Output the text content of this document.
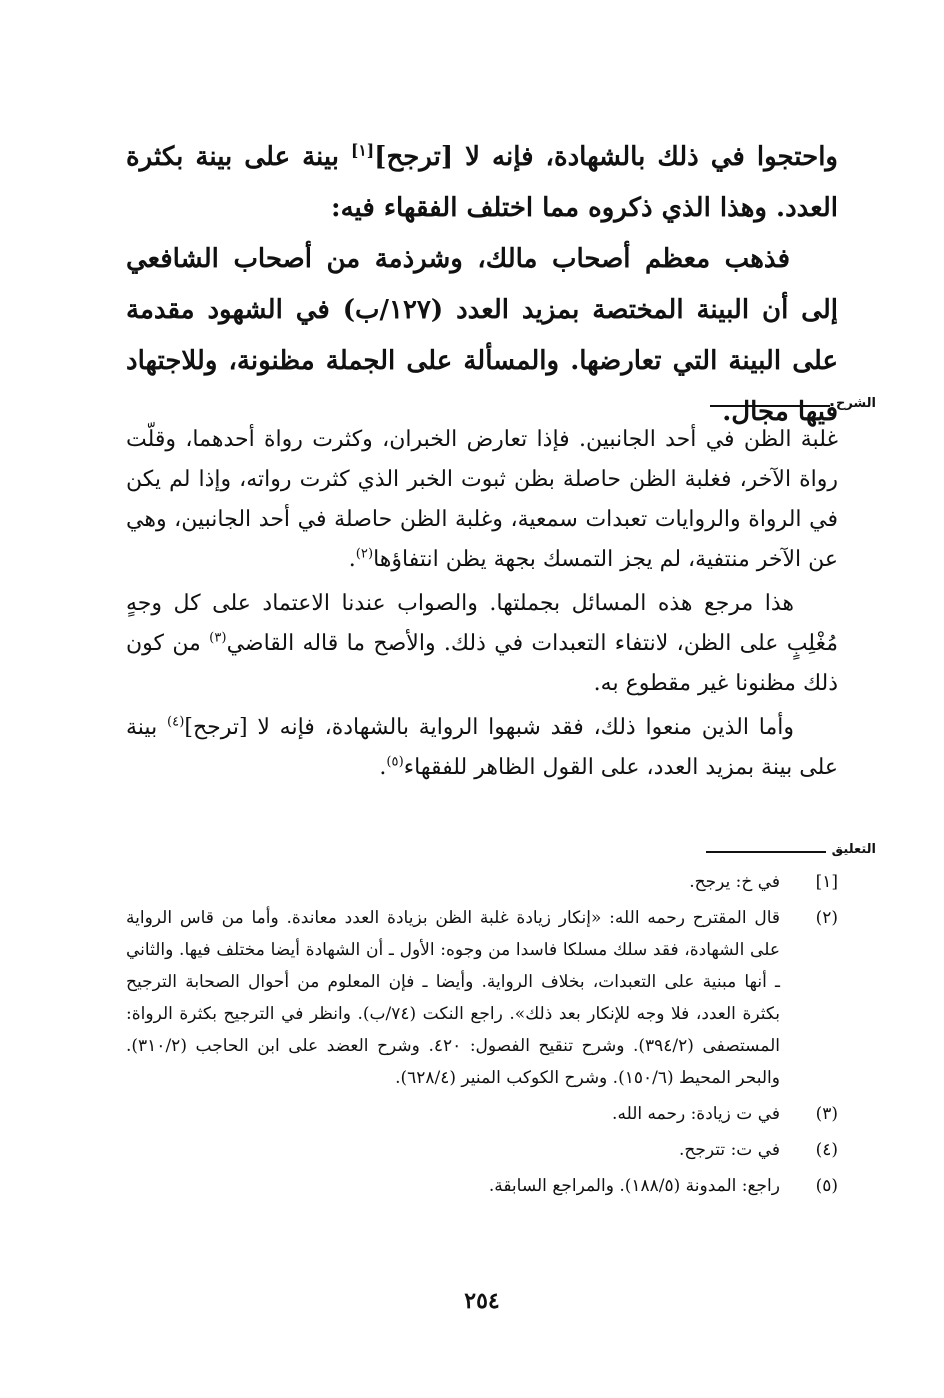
واحتجوا في ذلك بالشهادة، فإنه لا [ترجح][١] بينة على بينة بكثرة العدد. وهذا الذي ذكروه مما اختلف الفقهاء فيه:

فذهب معظم أصحاب مالك، وشرذمة من أصحاب الشافعي إلى أن البينة المختصة بمزيد العدد (١٢٧/ب) في الشهود مقدمة على البينة التي تعارضها. والمسألة على الجملة مظنونة، وللاجتهاد فيها مجال.

الشرح

غلبة الظن في أحد الجانبين. فإذا تعارض الخبران، وكثرت رواة أحدهما، وقلّت رواة الآخر، فغلبة الظن حاصلة بظن ثبوت الخبر الذي كثرت رواته، وإذا لم يكن في الرواة والروايات تعبدات سمعية، وغلبة الظن حاصلة في أحد الجانبين، وهي عن الآخر منتفية، لم يجز التمسك بجهة يظن انتفاؤها$^{(٢)}$.

هذا مرجع هذه المسائل بجملتها. والصواب عندنا الاعتماد على كل وجهٍ مُغْلِبٍ على الظن، لانتفاء التعبدات في ذلك. والأصح ما قاله القاضي$^{(٣)}$ من كون ذلك مظنونا غير مقطوع به.

وأما الذين منعوا ذلك، فقد شبهوا الرواية بالشهادة، فإنه لا [ترجح]$^{(٤)}$ بينة على بينة بمزيد العدد، على القول الظاهر للفقهاء$^{(٥)}$.

التعليق
[١]
في خ: يرجح.
(٢)
قال المقترح رحمه الله: «إنكار زيادة غلبة الظن بزيادة العدد معاندة. وأما من قاس الرواية على الشهادة، فقد سلك مسلكا فاسدا من وجوه: الأول ـ أن الشهادة أيضا مختلف فيها. والثاني ـ أنها مبنية على التعبدات، بخلاف الرواية. وأيضا ـ فإن المعلوم من أحوال الصحابة الترجيح بكثرة العدد، فلا وجه للإنكار بعد ذلك». راجع النكت (٧٤/ب). وانظر في الترجيح بكثرة الرواة: المستصفى (٣٩٤/٢). وشرح تنقيح الفصول: ٤٢٠. وشرح العضد على ابن الحاجب (٣١٠/٢). والبحر المحيط (١٥٠/٦). وشرح الكوكب المنير (٦٢٨/٤).
(٣)
في ت زيادة: رحمه الله.
(٤)
في ت: تترجح.
(٥)
راجع: المدونة (١٨٨/٥). والمراجع السابقة.
٢٥٤
